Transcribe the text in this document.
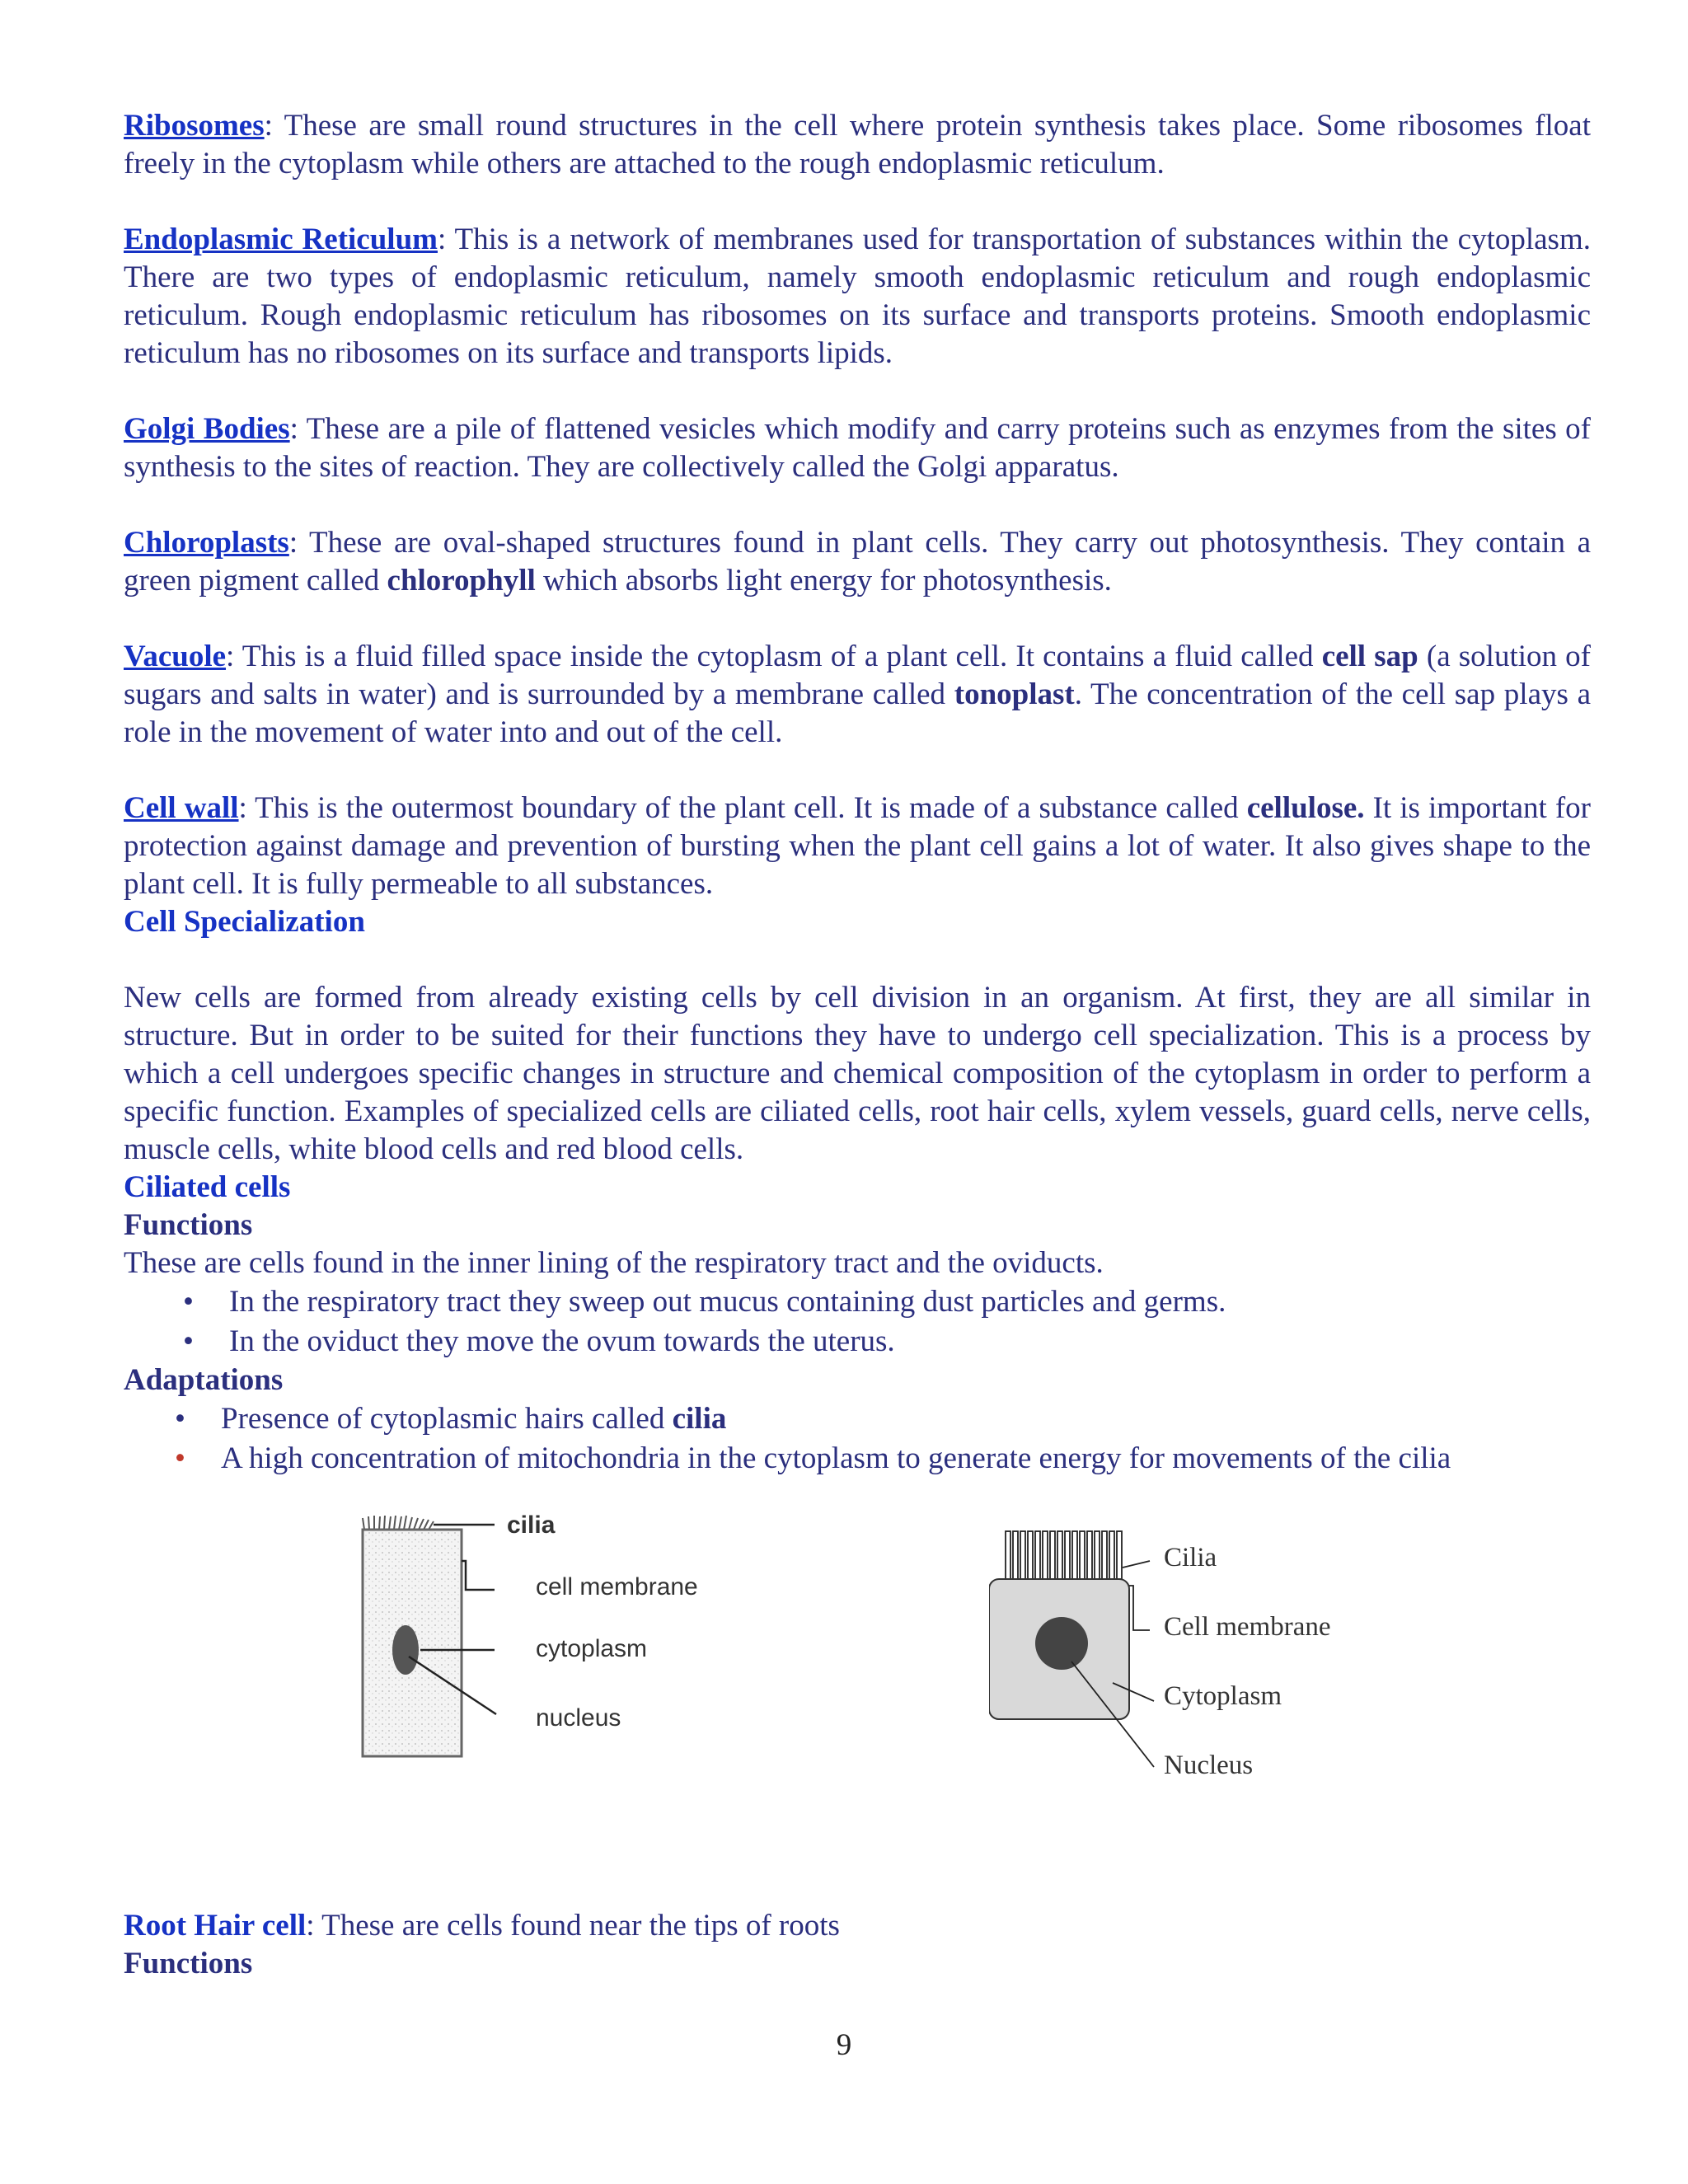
Ribosomes: These are small round structures in the cell where protein synthesis takes place. Some ribosomes float freely in the cytoplasm while others are attached to the rough endoplasmic reticulum.

Endoplasmic Reticulum: This is a network of membranes used for transportation of substances within the cytoplasm. There are two types of endoplasmic reticulum, namely smooth endoplasmic reticulum and rough endoplasmic reticulum. Rough endoplasmic reticulum has ribosomes on its surface and transports proteins. Smooth endoplasmic reticulum has no ribosomes on its surface and transports lipids.

Golgi Bodies: These are a pile of flattened vesicles which modify and carry proteins such as enzymes from the sites of synthesis to the sites of reaction. They are collectively called the Golgi apparatus.

Chloroplasts: These are oval-shaped structures found in plant cells. They carry out photosynthesis. They contain a green pigment called chlorophyll which absorbs light energy for photosynthesis.

Vacuole: This is a fluid filled space inside the cytoplasm of a plant cell. It contains a fluid called cell sap (a solution of sugars and salts in water) and is surrounded by a membrane called tonoplast. The concentration of the cell sap plays a role in the movement of water into and out of the cell.

Cell wall: This is the outermost boundary of the plant cell. It is made of a substance called cellulose. It is important for protection against damage and prevention of bursting when the plant cell gains a lot of water. It also gives shape to the plant cell. It is fully permeable to all substances.

Cell Specialization

New cells are formed from already existing cells by cell division in an organism. At first, they are all similar in structure. But in order to be suited for their functions they have to undergo cell specialization. This is a process by which a cell undergoes specific changes in structure and chemical composition of the cytoplasm in order to perform a specific function. Examples of specialized cells are ciliated cells, root hair cells, xylem vessels, guard cells, nerve cells, muscle cells, white blood cells and red blood cells.

Ciliated cells

Functions

These are cells found in the inner lining of the respiratory tract and the oviducts.

• In the respiratory tract they sweep out mucus containing dust particles and germs.
• In the oviduct they move the ovum towards the uterus.

Adaptations

• Presence of cytoplasmic hairs called cilia
• A high concentration of mitochondria in the cytoplasm to generate energy for movements of the cilia
cilia
cell membrane
cytoplasm
nucleus
Cilia
Cell membrane
Cytoplasm
Nucleus

Root Hair cell: These are cells found near the tips of roots

Functions

9
